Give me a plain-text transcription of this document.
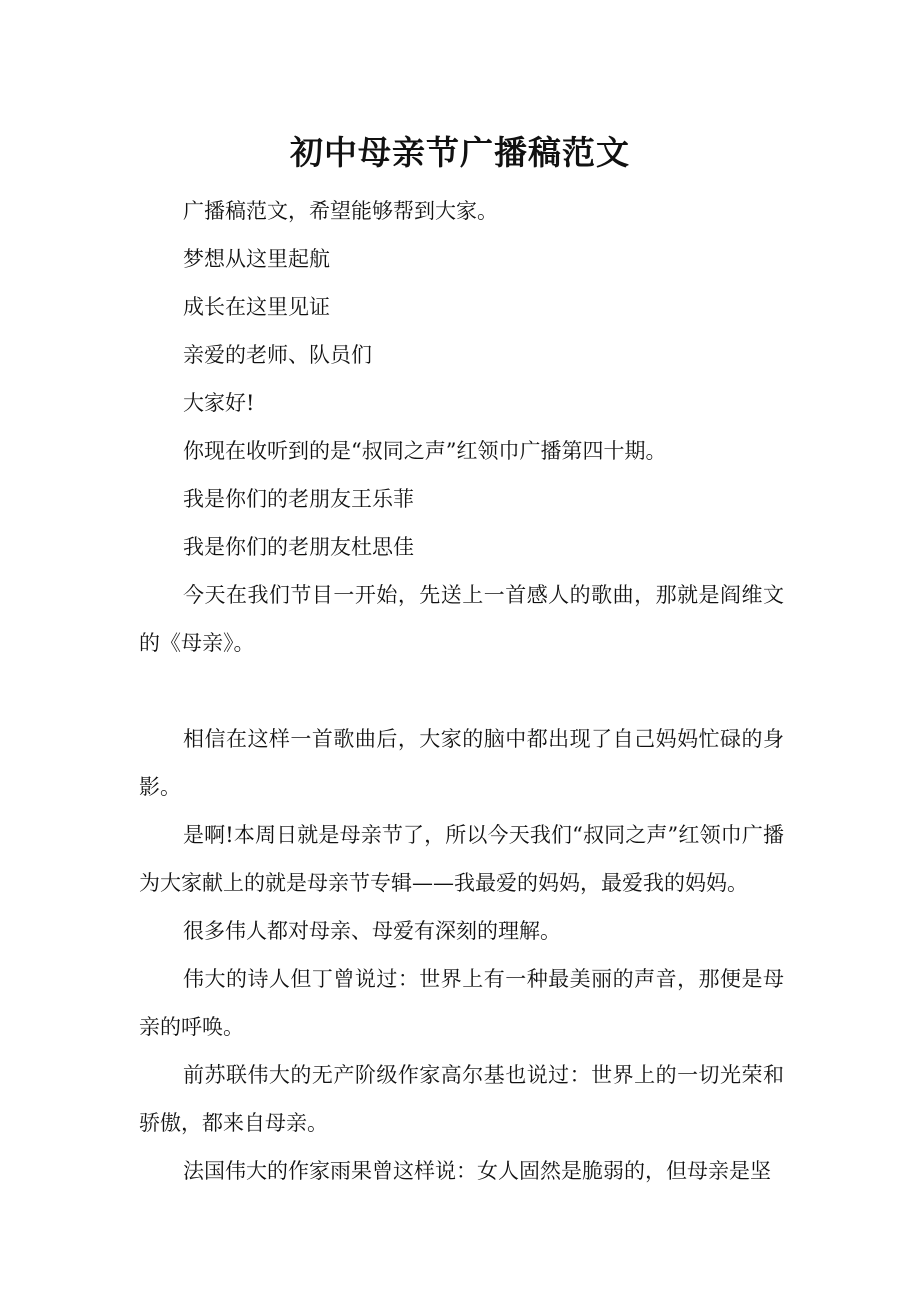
初中母亲节广播稿范文

广播稿范文，希望能够帮到大家。

梦想从这里起航

成长在这里见证

亲爱的老师、队员们

大家好!

你现在收听到的是“叔同之声”红领巾广播第四十期。

我是你们的老朋友王乐菲

我是你们的老朋友杜思佳

今天在我们节目一开始，先送上一首感人的歌曲，那就是阎维文的《母亲》。

相信在这样一首歌曲后，大家的脑中都出现了自己妈妈忙碌的身影。

是啊!本周日就是母亲节了，所以今天我们“叔同之声”红领巾广播为大家献上的就是母亲节专辑——我最爱的妈妈，最爱我的妈妈。

很多伟人都对母亲、母爱有深刻的理解。

伟大的诗人但丁曾说过：世界上有一种最美丽的声音，那便是母亲的呼唤。

前苏联伟大的无产阶级作家高尔基也说过：世界上的一切光荣和骄傲，都来自母亲。

法国伟大的作家雨果曾这样说：女人固然是脆弱的，但母亲是坚
